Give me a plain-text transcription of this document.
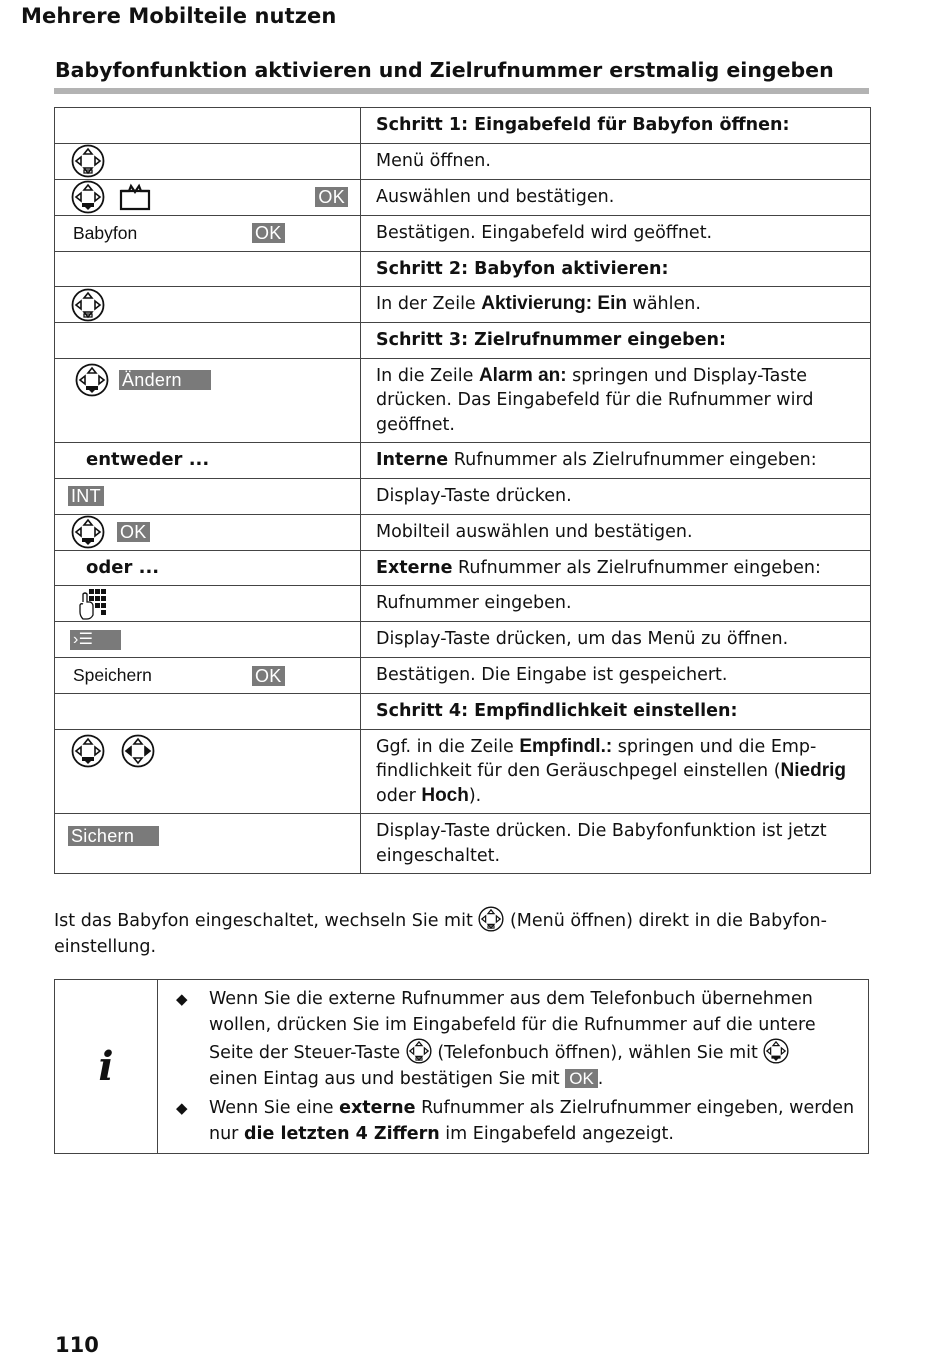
Mehrere Mobilteile nutzen
Babyfonfunktion aktivieren und Zielrufnummer erstmalig eingeben
	Schritt 1: Eingabefeld für Babyfon öffnen:

	Menü öffnen.

OK	Auswählen und bestätigen.

Babyfon OK	Bestätigen. Eingabefeld wird geöffnet.
	Schritt 2: Babyfon aktivieren:

	In der Zeile Aktivierung: Ein wählen.
	Schritt 3: Zielrufnummer eingeben:

Ändern	In die Zeile Alarm an: springen und Display-Taste drücken. Das Eingabefeld für die Rufnummer wird geöffnet.

entweder ...	Interne Rufnummer als Zielrufnummer eingeben:

INT	Display-Taste drücken.

OK	Mobilteil auswählen und bestätigen.

oder ...	Externe Rufnummer als Zielrufnummer eingeben:

	Rufnummer eingeben.

›☰	Display-Taste drücken, um das Menü zu öffnen.

Speichern OK	Bestätigen. Die Eingabe ist gespeichert.
	Schritt 4: Empfindlichkeit einstellen:

	Ggf. in die Zeile Empfindl.: springen und die Empfindlichkeit für den Geräuschpegel einstellen (Niedrig oder Hoch).

Sichern	Display-Taste drücken. Die Babyfonfunktion ist jetzt eingeschaltet.
Ist das Babyfon eingeschaltet, wechseln Sie mit
(Menü öffnen) direkt in die Babyfoneinstellung.
i
◆	Wenn Sie die externe Rufnummer aus dem Telefonbuch übernehmen wollen, drücken Sie im Eingabefeld für die Rufnummer auf die untere Seite der Steuer-Taste
(Telefonbuch öffnen), wählen Sie mit

einen Eintag aus und bestätigen Sie mit OK .
◆	Wenn Sie eine externe Rufnummer als Zielrufnummer eingeben, werden nur die letzten 4 Ziffern im Eingabefeld angezeigt.
110
